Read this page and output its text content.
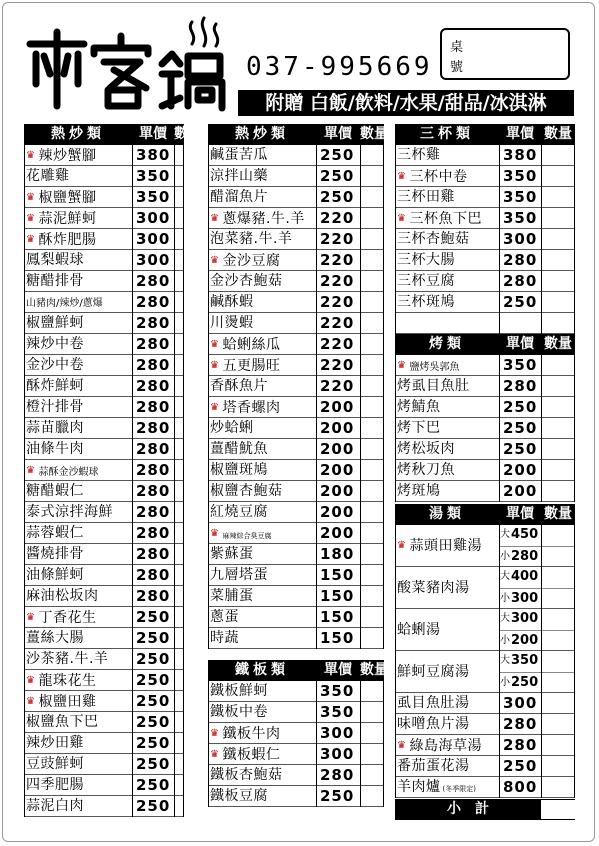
來客鍋
037-995669
桌
號
附贈 白飯/飲料/水果/甜品/冰淇淋
熱炒類	單價 數量
♛ 辣炒蟹腳	380
花雕雞	350
♛ 椒鹽蟹腳	350
♛ 蒜泥鮮蚵	300
♛ 酥炸肥腸	300
鳳梨蝦球	300
糖醋排骨	280
山豬肉/辣炒/蔥爆	280
椒鹽鮮蚵	280
辣炒中卷	280
金沙中卷	280
酥炸鮮蚵	280
橙汁排骨	280
蒜苗臘肉	280
油條牛肉	280
♛ 蒜酥金沙蝦球	280
糖醋蝦仁	280
泰式涼拌海鮮	280
蒜蓉蝦仁	280
醬燒排骨	280
油條鮮蚵	280
麻油松坂肉	280
♛ 丁香花生	250
薑絲大腸	250
沙茶豬.牛.羊	250
♛ 龍珠花生	250
♛ 椒鹽田雞	250
椒鹽魚下巴	250
辣炒田雞	250
豆豉鮮蚵	250
四季肥腸	250
蒜泥白肉	250
熱炒類	單價 數量
鹹蛋苦瓜	250
涼拌山藥	250
醋溜魚片	250
♛ 蔥爆豬.牛.羊	220
泡菜豬.牛.羊	220
♛ 金沙豆腐	220
金沙杏鮑菇	220
鹹酥蝦	220
川燙蝦	220
♛ 蛤蜊絲瓜	220
♛ 五更腸旺	220
香酥魚片	220
♛ 塔香螺肉	200
炒蛤蜊	200
薑醋魷魚	200
椒鹽斑鳩	200
椒鹽杏鮑菇	200
紅燒豆腐	200
♛ 麻辣綜合臭豆腐	200
紫蘇蛋	180
九層塔蛋	150
菜脯蛋	150
蔥蛋	150
時蔬	150
鐵板類	單價 數量
鐵板鮮蚵	350
鐵板中卷	350
♛ 鐵板牛肉	300
♛ 鐵板蝦仁	300
鐵板杏鮑菇	280
鐵板豆腐	250
三杯類	單價 數量
三杯雞	380
♛ 三杯中卷	350
三杯田雞	350
♛ 三杯魚下巴	350
三杯杏鮑菇	300
三杯大腸	280
三杯豆腐	280
三杯斑鳩	250
烤類	單價 數量
♛ 鹽烤吳郭魚	350
烤虱目魚肚	280
烤鯖魚	250
烤下巴	250
烤松坂肉	250
烤秋刀魚	200
烤斑鳩	200
湯類	單價 數量
♛ 蒜頭田雞湯
大 450
小 280
酸菜豬肉湯
大 400
小 300
蛤蜊湯
大 300
小 200
鮮蚵豆腐湯
大 350
小 250
虱目魚肚湯	300
味噌魚片湯	280
♛ 綠島海草湯	280
番茄蛋花湯	250
羊肉爐 (冬季限定)	800
小　計
